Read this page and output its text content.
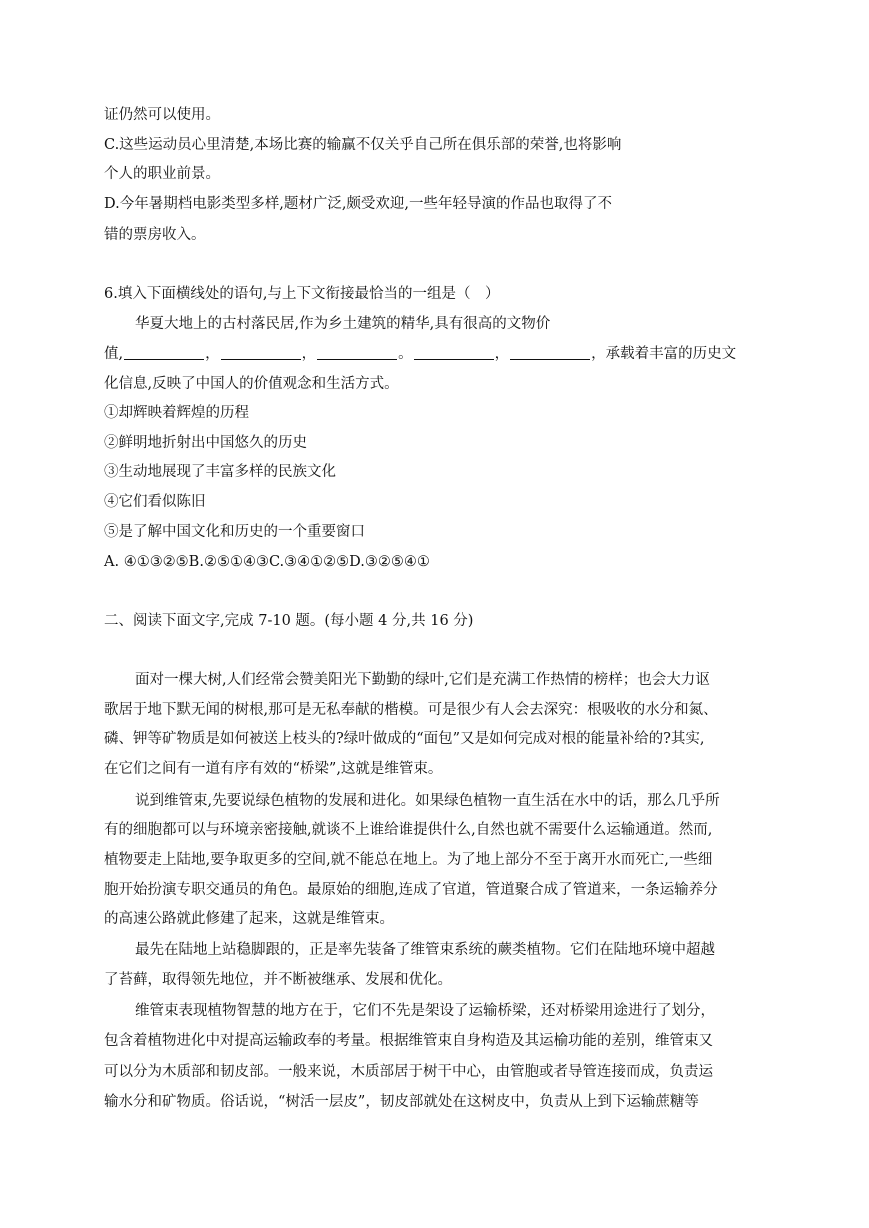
证仍然可以使用。
C.这些运动员心里清楚,本场比赛的输赢不仅关乎自己所在俱乐部的荣誉,也将影响
个人的职业前景。
D.今年暑期档电影类型多样,题材广泛,颇受欢迎,一些年轻导演的作品也取得了不
错的票房收入。
6.填入下面横线处的语句,与上下文衔接最恰当的一组是（　）
华夏大地上的古村落民居,作为乡土建筑的精华,具有很高的文物价
值,	，	，	。	，	，承载着丰富的历史文
化信息,反映了中国人的价值观念和生活方式。
①却辉映着辉煌的历程
②鲜明地折射出中国悠久的历史
③生动地展现了丰富多样的民族文化
④它们看似陈旧
⑤是了解中国文化和历史的一个重要窗口
A. ④①③②⑤B.②⑤①④③C.③④①②⑤D.③②⑤④①
二、阅读下面文字,完成 7-10 题。(每小题 4 分,共 16 分)
面对一棵大树,人们经常会赞美阳光下勤勤的绿叶,它们是充满工作热情的榜样；也会大力讴
歌居于地下默无闻的树根,那可是无私奉献的楷模。可是很少有人会去深究：根吸收的水分和氮、
磷、钾等矿物质是如何被送上枝头的?绿叶做成的“面包”又是如何完成对根的能量补给的?其实,
在它们之间有一道有序有效的“桥梁”,这就是维管束。
说到维管束,先要说绿色植物的发展和进化。如果绿色植物一直生活在水中的话，那么几乎所
有的细胞都可以与环境亲密接触,就谈不上谁给谁提供什么,自然也就不需要什么运输通道。然而,
植物要走上陆地,要争取更多的空间,就不能总在地上。为了地上部分不至于离开水而死亡,一些细
胞开始扮演专职交通员的角色。最原始的细胞,连成了官道，管道聚合成了管道来，一条运输养分
的高速公路就此修建了起来，这就是维管束。
最先在陆地上站稳脚跟的，正是率先装备了维管束系统的蕨类植物。它们在陆地环境中超越
了苔藓，取得领先地位，并不断被继承、发展和优化。
维管束表现植物智慧的地方在于，它们不先是架设了运输桥梁，还对桥梁用途进行了划分，
包含着植物进化中对提高运输政奉的考量。根据维管束自身构造及其运榆功能的差别，维管束又
可以分为木质部和韧皮部。一般来说，木质部居于树干中心，由管胞或者导管连接而成，负责运
输水分和矿物质。俗话说，“树活一层皮”，韧皮部就处在这树皮中，负责从上到下运输蔗糖等
